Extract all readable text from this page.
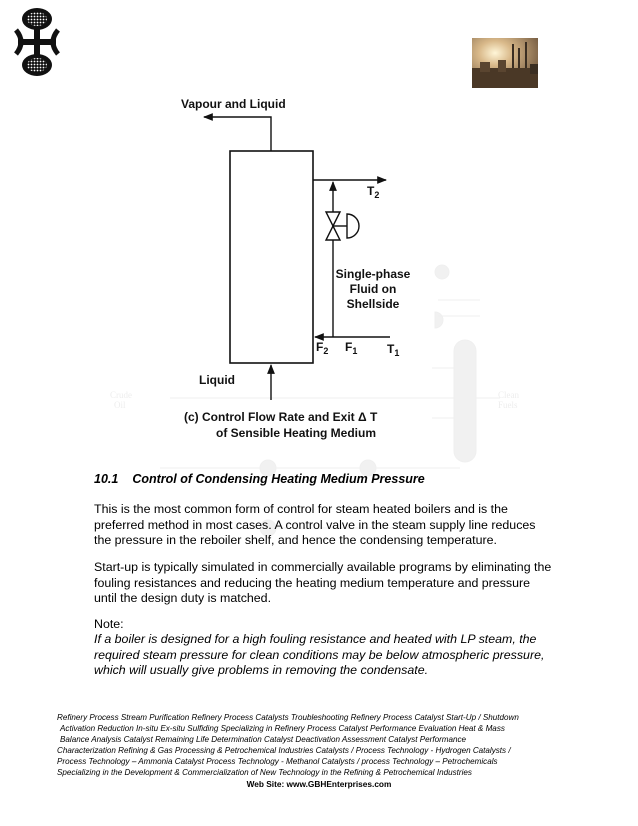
Crude
Oil
Clean
Fuels
Vapour and Liquid
$T_2$
Single-phase
Fluid on
Shellside
$F_2$ $F_1$ $T_1$
Liquid
(c) Control Flow Rate and Exit Δ T
of Sensible Heating Medium
10.1 Control of Condensing Heating Medium Pressure
This is the most common form of control for steam heated boilers and is the preferred method in most cases. A control valve in the steam supply line reduces the pressure in the reboiler shelf, and hence the condensing temperature.
Start-up is typically simulated in commercially available programs by eliminating the fouling resistances and reducing the heating medium temperature and pressure until the design duty is matched.
Note:
If a boiler is designed for a high fouling resistance and heated with LP steam, the required steam pressure for clean conditions may be below atmospheric pressure, which will usually give problems in removing the condensate.
Refinery Process Stream Purification Refinery Process Catalysts Troubleshooting Refinery Process Catalyst Start-Up / Shutdown
Activation Reduction In-situ Ex-situ Sulfiding Specializing in Refinery Process Catalyst Performance Evaluation Heat & Mass
Balance Analysis Catalyst Remaining Life Determination Catalyst Deactivation Assessment Catalyst Performance
Characterization Refining & Gas Processing & Petrochemical Industries Catalysts / Process Technology - Hydrogen Catalysts /
Process Technology – Ammonia Catalyst Process Technology - Methanol Catalysts / process Technology – Petrochemicals
Specializing in the Development & Commercialization of New Technology in the Refining & Petrochemical Industries
Web Site: www.GBHEnterprises.com
